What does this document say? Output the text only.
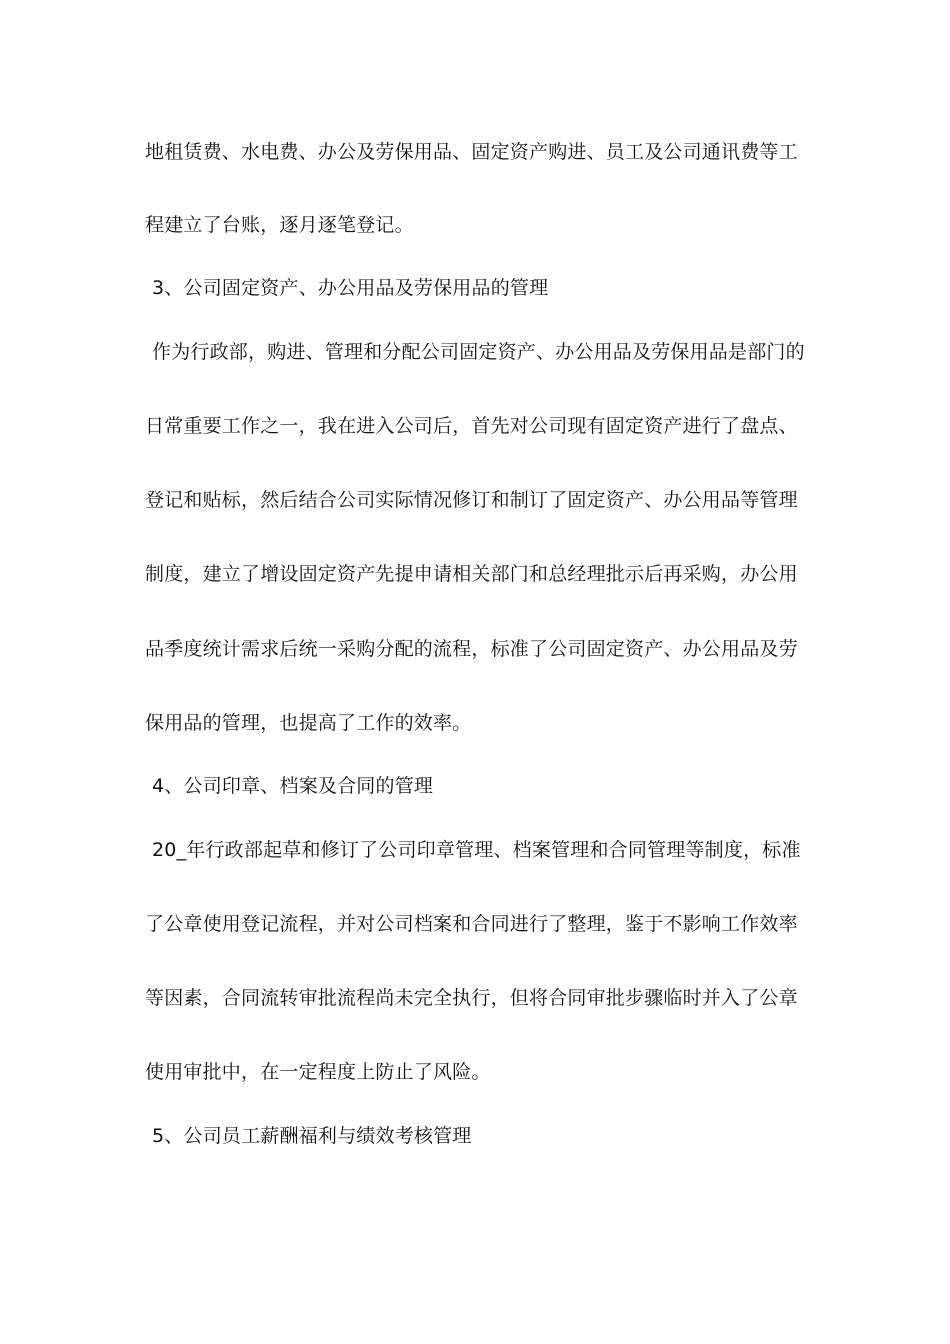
地租赁费、水电费、办公及劳保用品、固定资产购进、员工及公司通讯费等工
程建立了台账，逐月逐笔登记。
3、公司固定资产、办公用品及劳保用品的管理
作为行政部，购进、管理和分配公司固定资产、办公用品及劳保用品是部门的
日常重要工作之一，我在进入公司后，首先对公司现有固定资产进行了盘点、
登记和贴标，然后结合公司实际情况修订和制订了固定资产、办公用品等管理
制度，建立了增设固定资产先提申请相关部门和总经理批示后再采购，办公用
品季度统计需求后统一采购分配的流程，标准了公司固定资产、办公用品及劳
保用品的管理，也提高了工作的效率。
4、公司印章、档案及合同的管理
20_年行政部起草和修订了公司印章管理、档案管理和合同管理等制度，标准
了公章使用登记流程，并对公司档案和合同进行了整理，鉴于不影响工作效率
等因素，合同流转审批流程尚未完全执行，但将合同审批步骤临时并入了公章
使用审批中，在一定程度上防止了风险。
5、公司员工薪酬福利与绩效考核管理
